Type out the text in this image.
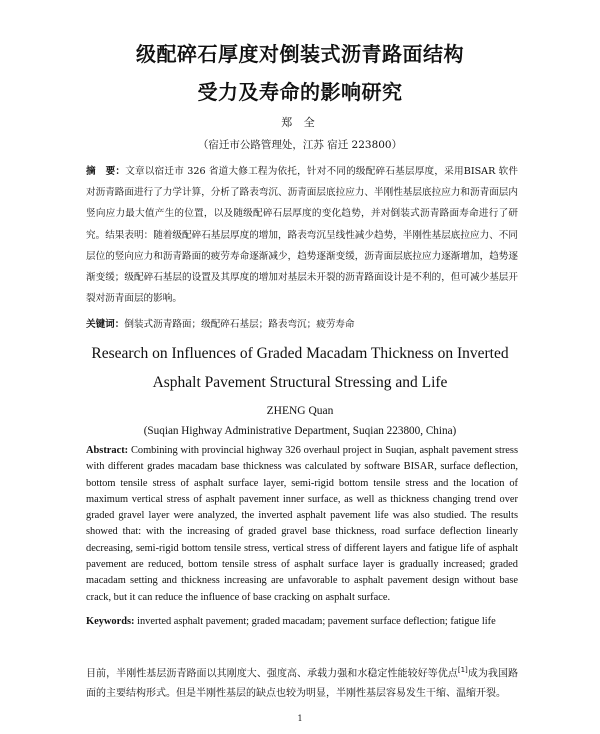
级配碎石厚度对倒装式沥青路面结构
受力及寿命的影响研究
郑 全
（宿迁市公路管理处，江苏 宿迁 223800）
摘　要：文章以宿迁市 326 省道大修工程为依托，针对不同的级配碎石基层厚度，采用BISAR 软件对沥青路面进行了力学计算，分析了路表弯沉、沥青面层底拉应力、半刚性基层底拉应力和沥青面层内竖向应力最大值产生的位置，以及随级配碎石层厚度的变化趋势，并对倒装式沥青路面寿命进行了研究。结果表明：随着级配碎石基层厚度的增加，路表弯沉呈线性减少趋势，半刚性基层底拉应力、不同层位的竖向应力和沥青路面的疲劳寿命逐渐减少，趋势逐渐变缓，沥青面层底拉应力逐渐增加，趋势逐渐变缓；级配碎石基层的设置及其厚度的增加对基层未开裂的沥青路面设计是不利的，但可减少基层开裂对沥青面层的影响。
关键词：倒装式沥青路面；级配碎石基层；路表弯沉；疲劳寿命
Research on Influences of Graded Macadam Thickness on Inverted
Asphalt Pavement Structural Stressing and Life
ZHENG Quan
(Suqian Highway Administrative Department, Suqian 223800, China)
Abstract: Combining with provincial highway 326 overhaul project in Suqian, asphalt pavement stress with different grades macadam base thickness was calculated by software BISAR, surface deflection, bottom tensile stress of asphalt surface layer, semi-rigid bottom tensile stress and the location of maximum vertical stress of asphalt pavement inner surface, as well as thickness changing trend over graded gravel layer were analyzed, the inverted asphalt pavement life was also studied. The results showed that: with the increasing of graded gravel base thickness, road surface deflection linearly decreasing, semi-rigid bottom tensile stress, vertical stress of different layers and fatigue life of asphalt pavement are reduced, bottom tensile stress of asphalt surface layer is gradually increased; graded macadam setting and thickness increasing are unfavorable to asphalt pavement design without base crack, but it can reduce the influence of base cracking on asphalt surface.
Keywords: inverted asphalt pavement; graded macadam; pavement surface deflection; fatigue life
目前，半刚性基层沥青路面以其刚度大、强度高、承载力强和水稳定性能较好等优点[1]成为我国路面的主要结构形式。但是半刚性基层的缺点也较为明显，半刚性基层容易发生干缩、温缩开裂。
1
